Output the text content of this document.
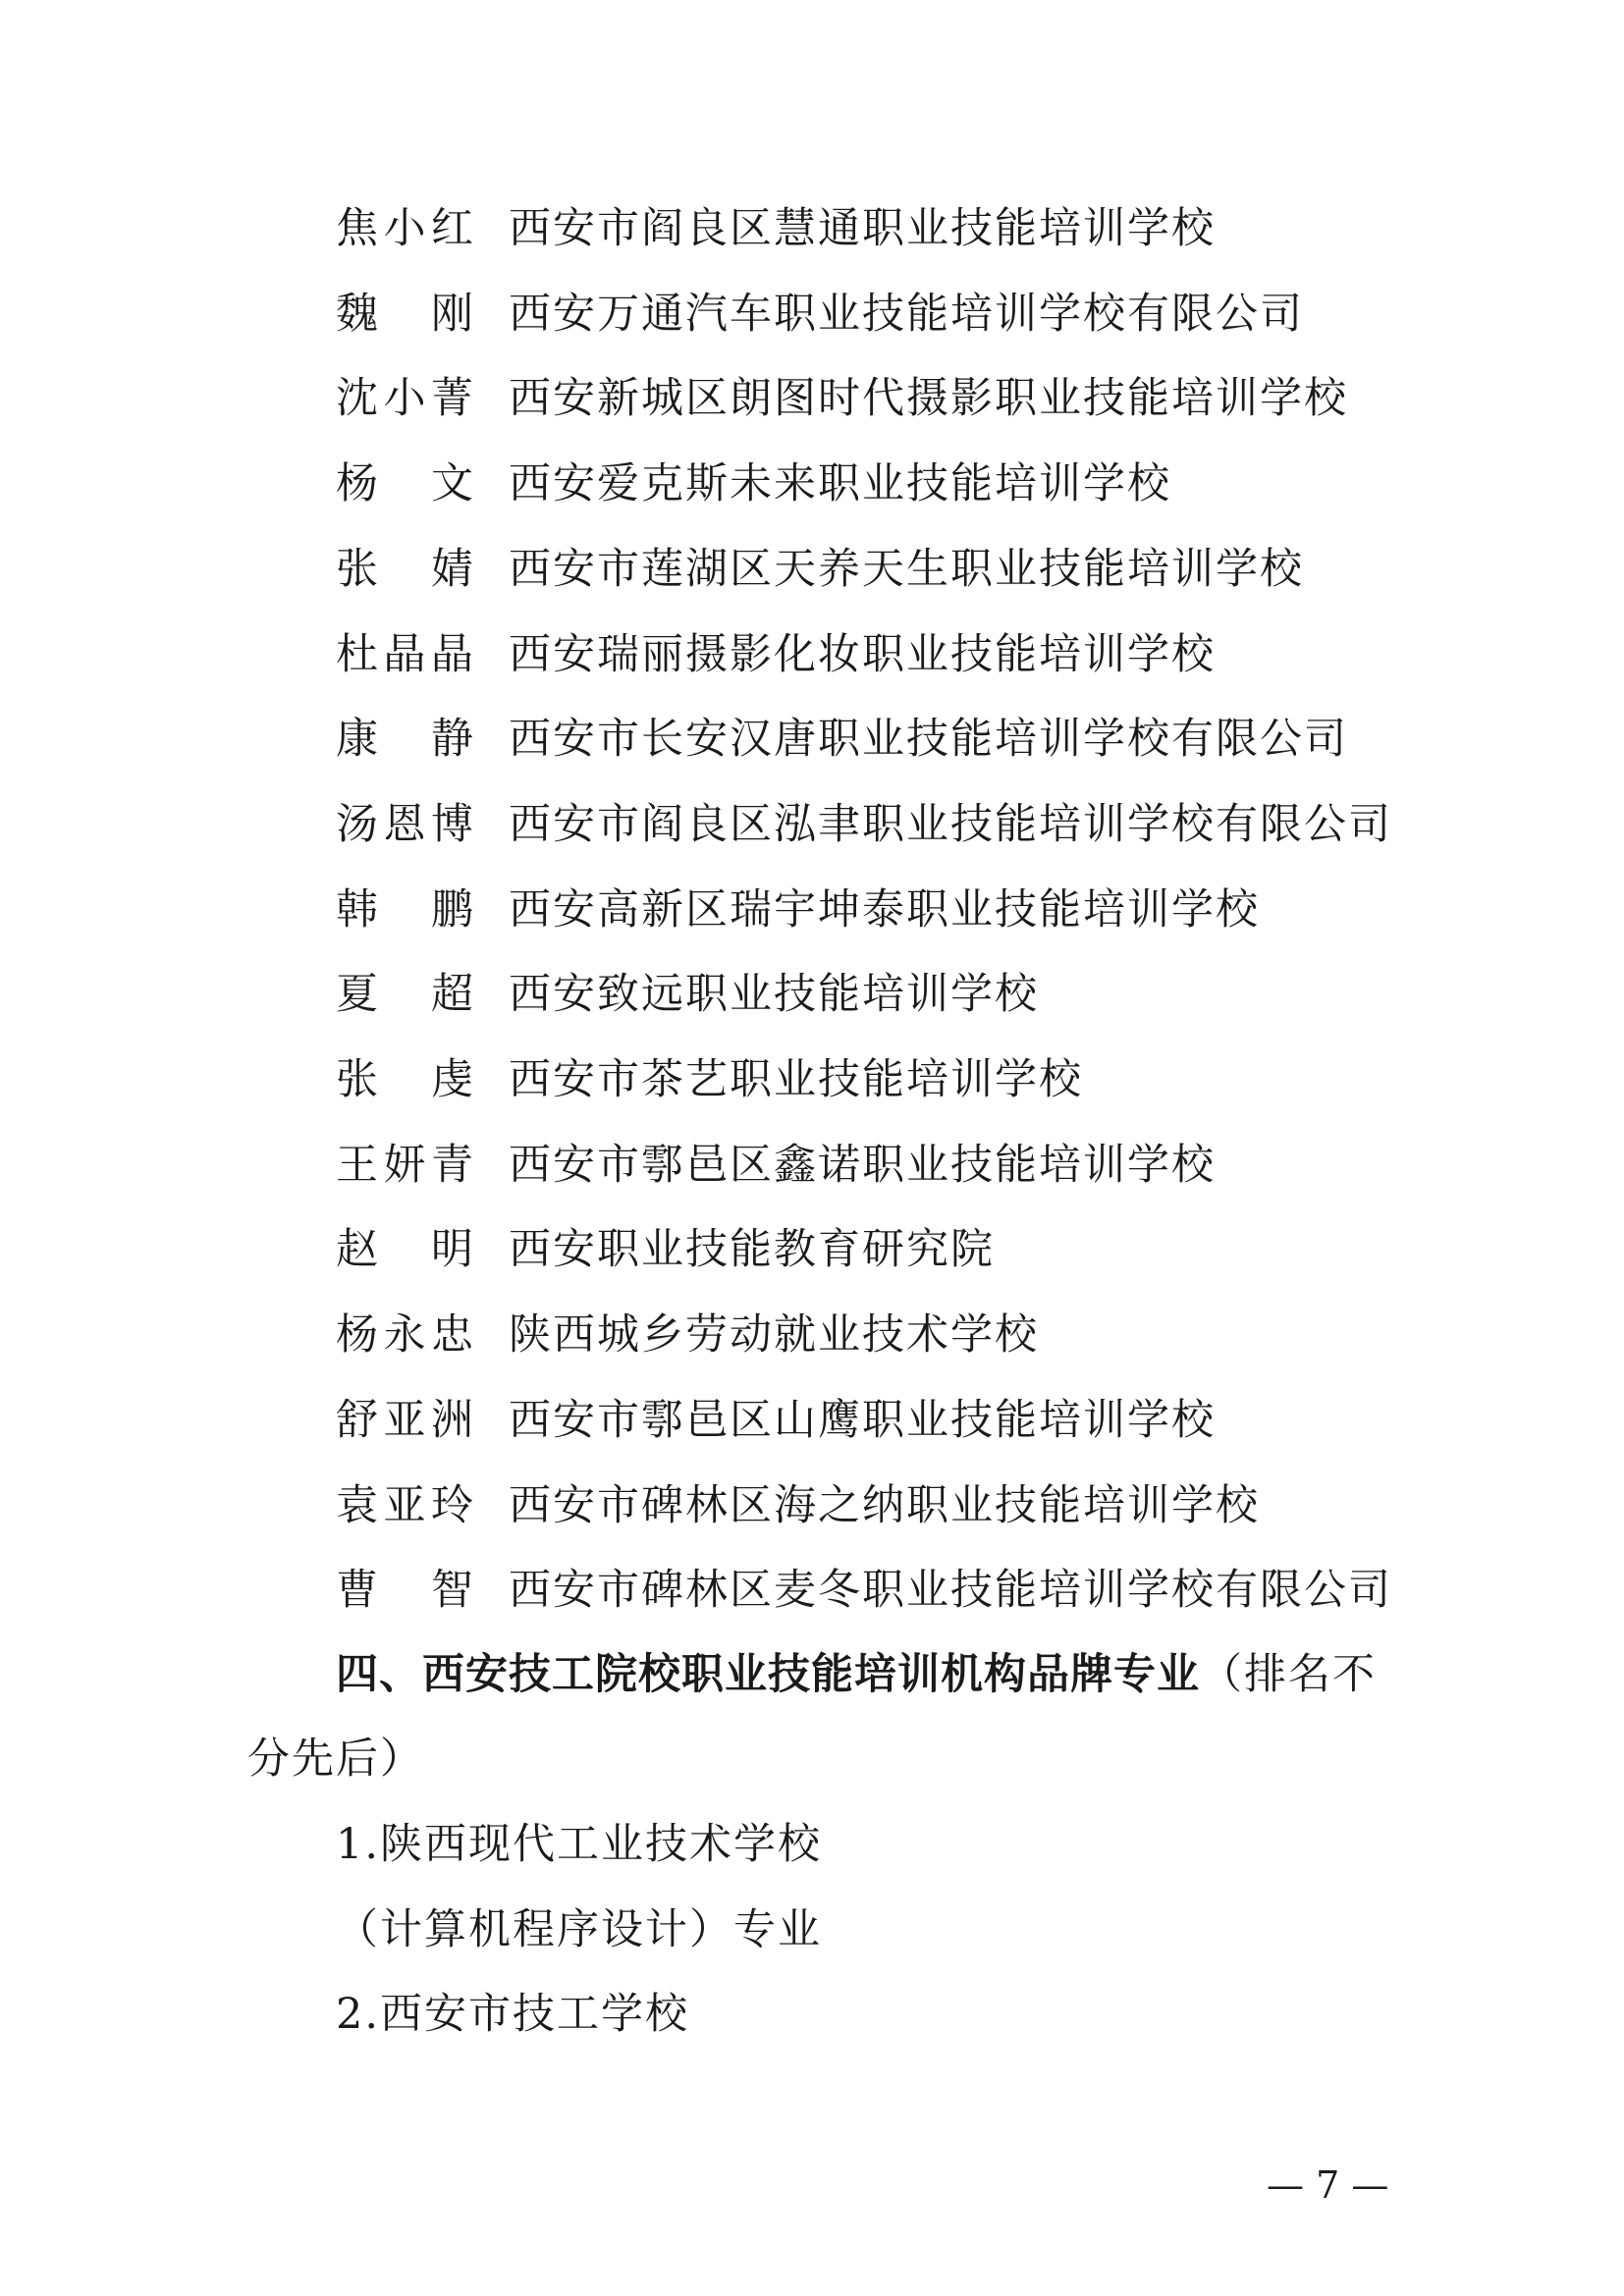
焦 小 红 西安市阎良区慧通职业技能培训学校
魏 刚 西安万通汽车职业技能培训学校有限公司
沈 小 菁 西安新城区朗图时代摄影职业技能培训学校
杨 文 西安爱克斯未来职业技能培训学校
张 婧 西安市莲湖区天养天生职业技能培训学校
杜 晶 晶 西安瑞丽摄影化妆职业技能培训学校
康 静 西安市长安汉唐职业技能培训学校有限公司
汤 恩 博 西安市阎良区泓聿职业技能培训学校有限公司
韩 鹏 西安高新区瑞宇坤泰职业技能培训学校
夏 超 西安致远职业技能培训学校
张 虔 西安市茶艺职业技能培训学校
王 妍 青 西安市鄠邑区鑫诺职业技能培训学校
赵 明 西安职业技能教育研究院
杨 永 忠 陕西城乡劳动就业技术学校
舒 亚 洲 西安市鄠邑区山鹰职业技能培训学校
袁 亚 玲 西安市碑林区海之纳职业技能培训学校
曹 智 西安市碑林区麦冬职业技能培训学校有限公司
四、西安技工院校职业技能培训机构品牌专业（排名不
分先后）
1.陕西现代工业技术学校
（计算机程序设计）专业
2.西安市技工学校
— 7 —
